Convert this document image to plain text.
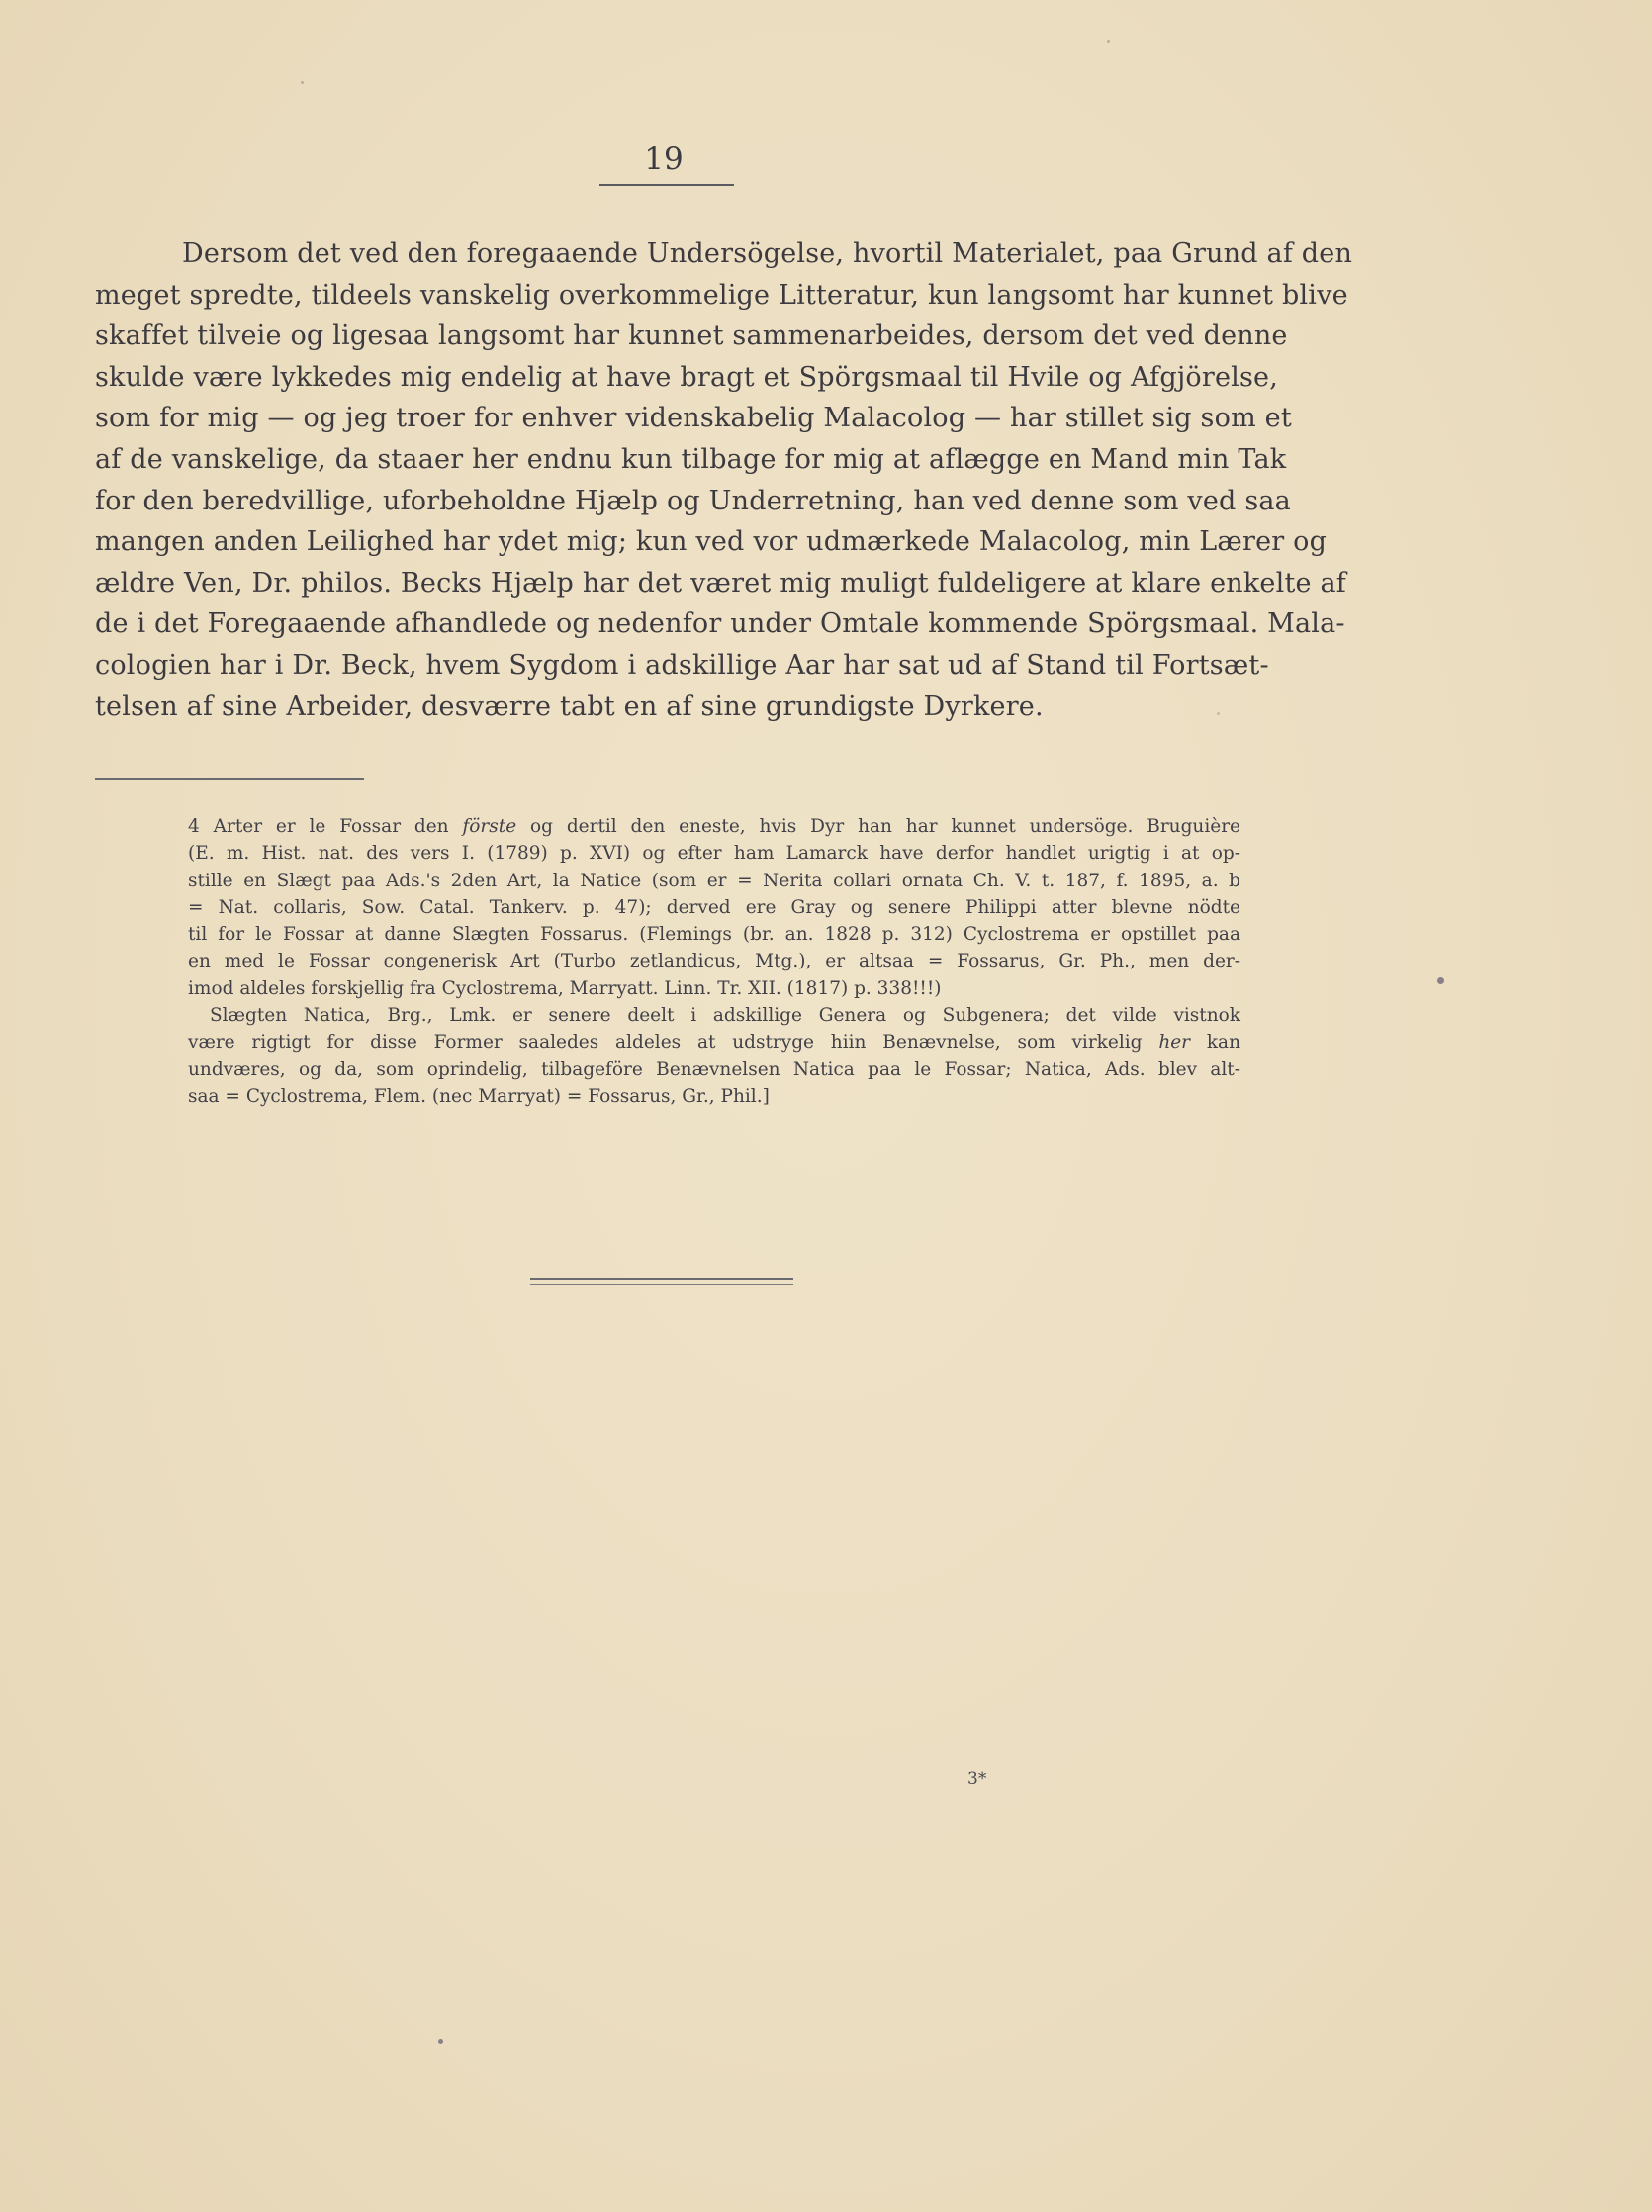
19
Dersom det ved den foregaaende Undersögelse, hvortil Materialet, paa Grund af den
meget spredte, tildeels vanskelig overkommelige Litteratur, kun langsomt har kunnet blive
skaffet tilveie og ligesaa langsomt har kunnet sammenarbeides, dersom det ved denne
skulde være lykkedes mig endelig at have bragt et Spörgsmaal til Hvile og Afgjörelse,
som for mig — og jeg troer for enhver videnskabelig Malacolog — har stillet sig som et
af de vanskelige, da staaer her endnu kun tilbage for mig at aflægge en Mand min Tak
for den beredvillige, uforbeholdne Hjælp og Underretning, han ved denne som ved saa
mangen anden Leilighed har ydet mig; kun ved vor udmærkede Malacolog, min Lærer og
ældre Ven, Dr. philos. Becks Hjælp har det været mig muligt fuldeligere at klare enkelte af
de i det Foregaaende afhandlede og nedenfor under Omtale kommende Spörgsmaal. Mala-
cologien har i Dr. Beck, hvem Sygdom i adskillige Aar har sat ud af Stand til Fortsæt-
telsen af sine Arbeider, desværre tabt en af sine grundigste Dyrkere.
4 Arter er le Fossar den förste og dertil den eneste, hvis Dyr han har kunnet undersöge. Bruguière
(E. m. Hist. nat. des vers I. (1789) p. XVI) og efter ham Lamarck have derfor handlet urigtig i at op-
stille en Slægt paa Ads.'s 2den Art, la Natice (som er = Nerita collari ornata Ch. V. t. 187, f. 1895, a. b
= Nat. collaris, Sow. Catal. Tankerv. p. 47); derved ere Gray og senere Philippi atter blevne nödte
til for le Fossar at danne Slægten Fossarus. (Flemings (br. an. 1828 p. 312) Cyclostrema er opstillet paa
en med le Fossar congenerisk Art (Turbo zetlandicus, Mtg.), er altsaa = Fossarus, Gr. Ph., men der-
imod aldeles forskjellig fra Cyclostrema, Marryatt. Linn. Tr. XII. (1817) p. 338!!!)
Slægten Natica, Brg., Lmk. er senere deelt i adskillige Genera og Subgenera; det vilde vistnok
være rigtigt for disse Former saaledes aldeles at udstryge hiin Benævnelse, som virkelig her kan
undværes, og da, som oprindelig, tilbageföre Benævnelsen Natica paa le Fossar; Natica, Ads. blev alt-
saa = Cyclostrema, Flem. (nec Marryat) = Fossarus, Gr., Phil.]
3*
